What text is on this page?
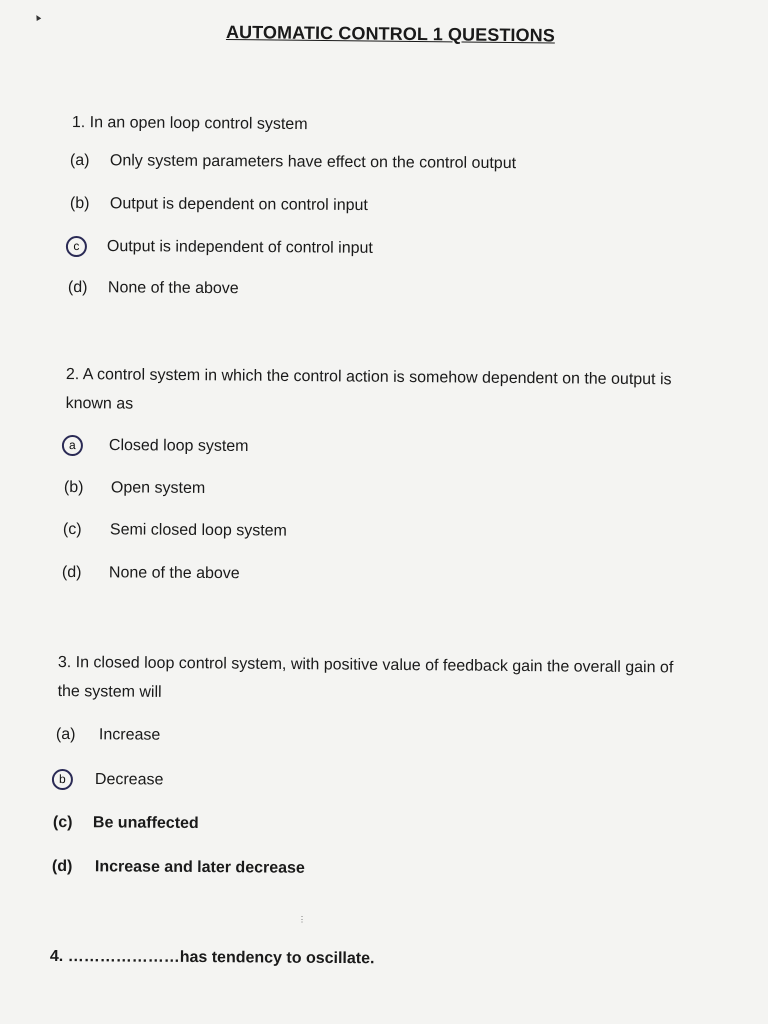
▲
AUTOMATIC CONTROL 1 QUESTIONS
1. In an open loop control system
(a) Only system parameters have effect on the control output
(b) Output is dependent on control input
c Output is independent of control input
(d) None of the above
2. A control system in which the control action is somehow dependent on the output is
known as
a Closed loop system
(b) Open system
(c) Semi closed loop system
(d) None of the above
3. In closed loop control system, with positive value of feedback gain the overall gain of
the system will
(a) Increase
b Decrease
(c) Be unaffected
(d) Increase and later decrease
⋮
4. …………………has tendency to oscillate.
